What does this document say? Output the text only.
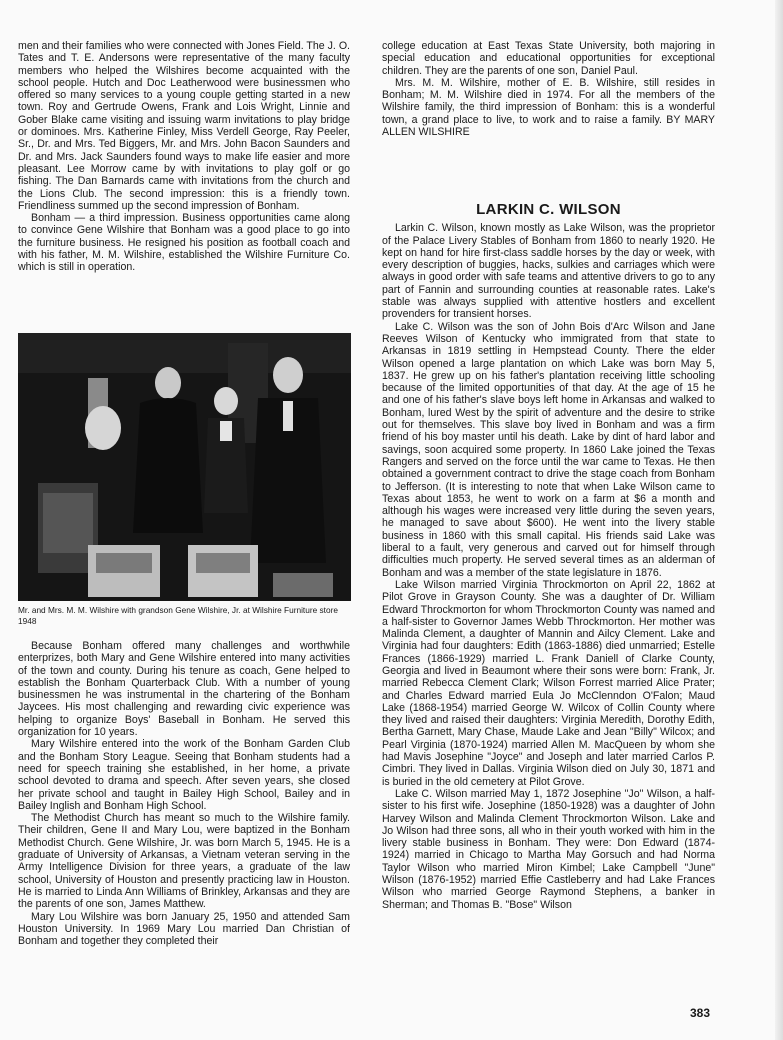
men and their families who were connected with Jones Field. The J. O. Tates and T. E. Andersons were representative of the many faculty members who helped the Wilshires become acquainted with the school people. Hutch and Doc Leatherwood were businessmen who offered so many services to a young couple getting started in a new town. Roy and Gertrude Owens, Frank and Lois Wright, Linnie and Gober Blake came visiting and issuing warm invitations to play bridge or dominoes. Mrs. Katherine Finley, Miss Verdell George, Ray Peeler, Sr., Dr. and Mrs. Ted Biggers, Mr. and Mrs. John Bacon Saunders and Dr. and Mrs. Jack Saunders found ways to make life easier and more pleasant. Lee Morrow came by with invitations to play golf or go fishing. The Dan Barnards came with invitations from the church and the Lions Club. The second impression: this is a friendly town. Friendliness summed up the second impression of Bonham.

Bonham — a third impression. Business opportunities came along to convince Gene Wilshire that Bonham was a good place to go into the furniture business. He resigned his position as football coach and with his father, M. M. Wilshire, established the Wilshire Furniture Co. which is still in operation.

Mr. and Mrs. M. M. Wilshire with grandson Gene Wilshire, Jr. at Wilshire Furniture store 1948

Because Bonham offered many challenges and worthwhile enterprizes, both Mary and Gene Wilshire entered into many activities of the town and county. During his tenure as coach, Gene helped to establish the Bonham Quarterback Club. With a number of young businessmen he was instrumental in the chartering of the Bonham Jaycees. His most challenging and rewarding civic experience was helping to organize Boys' Baseball in Bonham. He served this organization for 10 years.

Mary Wilshire entered into the work of the Bonham Garden Club and the Bonham Story League. Seeing that Bonham students had a need for speech training she established, in her home, a private school devoted to drama and speech. After seven years, she closed her private school and taught in Bailey High School, Bailey and in Bailey Inglish and Bonham High School.

The Methodist Church has meant so much to the Wilshire family. Their children, Gene II and Mary Lou, were baptized in the Bonham Methodist Church. Gene Wilshire, Jr. was born March 5, 1945. He is a graduate of University of Arkansas, a Vietnam veteran serving in the Army Intelligence Division for three years, a graduate of the law school, University of Houston and presently practicing law in Houston. He is married to Linda Ann Williams of Brinkley, Arkansas and they are the parents of one son, James Matthew.

Mary Lou Wilshire was born January 25, 1950 and attended Sam Houston University. In 1969 Mary Lou married Dan Christian of Bonham and together they completed their

college education at East Texas State University, both majoring in special education and educational opportunities for exceptional children. They are the parents of one son, Daniel Paul.

Mrs. M. M. Wilshire, mother of E. B. Wilshire, still resides in Bonham; M. M. Wilshire died in 1974. For all the members of the Wilshire family, the third impression of Bonham: this is a wonderful town, a grand place to live, to work and to raise a family. BY MARY ALLEN WILSHIRE

LARKIN C. WILSON

Larkin C. Wilson, known mostly as Lake Wilson, was the proprietor of the Palace Livery Stables of Bonham from 1860 to nearly 1920. He kept on hand for hire first-class saddle horses by the day or week, with every description of buggies, hacks, sulkies and carriages which were always in good order with safe teams and attentive drivers to go to any part of Fannin and surrounding counties at reasonable rates. Lake's stable was always supplied with attentive hostlers and excellent provenders for transient horses.

Lake C. Wilson was the son of John Bois d'Arc Wilson and Jane Reeves Wilson of Kentucky who immigrated from that state to Arkansas in 1819 settling in Hempstead County. There the elder Wilson opened a large plantation on which Lake was born May 5, 1837. He grew up on his father's plantation receiving little schooling because of the limited opportunities of that day. At the age of 15 he and one of his father's slave boys left home in Arkansas and walked to Bonham, lured West by the spirit of adventure and the desire to strike out for themselves. This slave boy lived in Bonham and was a firm friend of his boy master until his death. Lake by dint of hard labor and savings, soon acquired some property. In 1860 Lake joined the Texas Rangers and served on the force until the war came to Texas. He then obtained a government contract to drive the stage coach from Bonham to Jefferson. (It is interesting to note that when Lake Wilson came to Texas about 1853, he went to work on a farm at $6 a month and although his wages were increased very little during the seven years, he managed to save about $600). He went into the livery stable business in 1860 with this small capital. His friends said Lake was liberal to a fault, very generous and carved out for himself through difficulties much property. He served several times as an alderman of Bonham and was a member of the state legislature in 1876.

Lake Wilson married Virginia Throckmorton on April 22, 1862 at Pilot Grove in Grayson County. She was a daughter of Dr. William Edward Throckmorton for whom Throckmorton County was named and a half-sister to Governor James Webb Throckmorton. Her mother was Malinda Clement, a daughter of Mannin and Ailcy Clement. Lake and Virginia had four daughters: Edith (1863-1886) died unmarried; Estelle Frances (1866-1929) married L. Frank Daniell of Clarke County, Georgia and lived in Beaumont where their sons were born: Frank, Jr. married Rebecca Clement Clark; Wilson Forrest married Alice Prater; and Charles Edward married Eula Jo McClenndon O'Falon; Maud Lake (1868-1954) married George W. Wilcox of Collin County where they lived and raised their daughters: Virginia Meredith, Dorothy Edith, Bertha Garnett, Mary Chase, Maude Lake and Jean "Billy" Wilcox; and Pearl Virginia (1870-1924) married Allen M. MacQueen by whom she had Mavis Josephine "Joyce" and Joseph and later married Carlos P. Cimbri. They lived in Dallas. Virginia Wilson died on July 30, 1871 and is buried in the old cemetery at Pilot Grove.

Lake C. Wilson married May 1, 1872 Josephine "Jo" Wilson, a half-sister to his first wife. Josephine (1850-1928) was a daughter of John Harvey Wilson and Malinda Clement Throckmorton Wilson. Lake and Jo Wilson had three sons, all who in their youth worked with him in the livery stable business in Bonham. They were: Don Edward (1874-1924) married in Chicago to Martha May Gorsuch and had Norma Taylor Wilson who married Miron Kimbel; Lake Campbell "June" Wilson (1876-1952) married Effie Castleberry and had Lake Frances Wilson who married George Raymond Stephens, a banker in Sherman; and Thomas B. "Bose" Wilson

383
